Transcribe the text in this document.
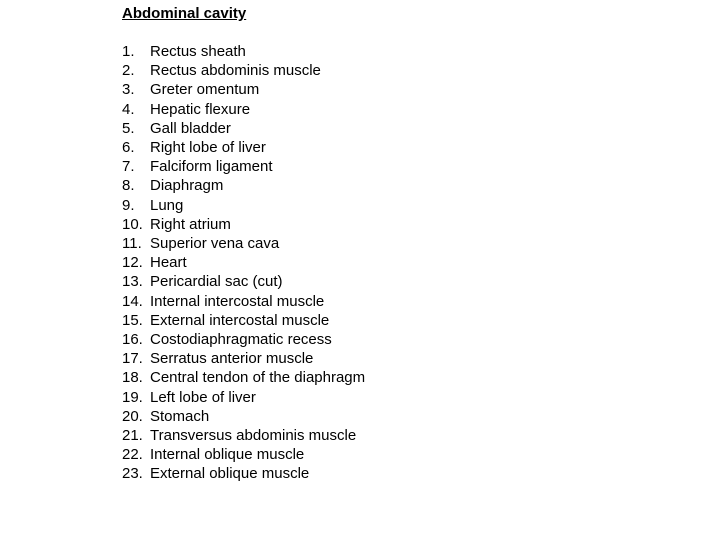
Abdominal cavity
1.	Rectus sheath
2.	Rectus abdominis muscle
3.	Greter omentum
4.	Hepatic flexure
5.	Gall bladder
6.	Right lobe of liver
7.	Falciform ligament
8.	Diaphragm
9.	Lung
10. Right atrium
11. Superior vena cava
12. Heart
13. Pericardial sac (cut)
14. Internal intercostal muscle
15. External intercostal muscle
16. Costodiaphragmatic recess
17. Serratus anterior muscle
18. Central tendon of the diaphragm
19. Left lobe of liver
20. Stomach
21. Transversus abdominis muscle
22. Internal oblique muscle
23. External oblique muscle
